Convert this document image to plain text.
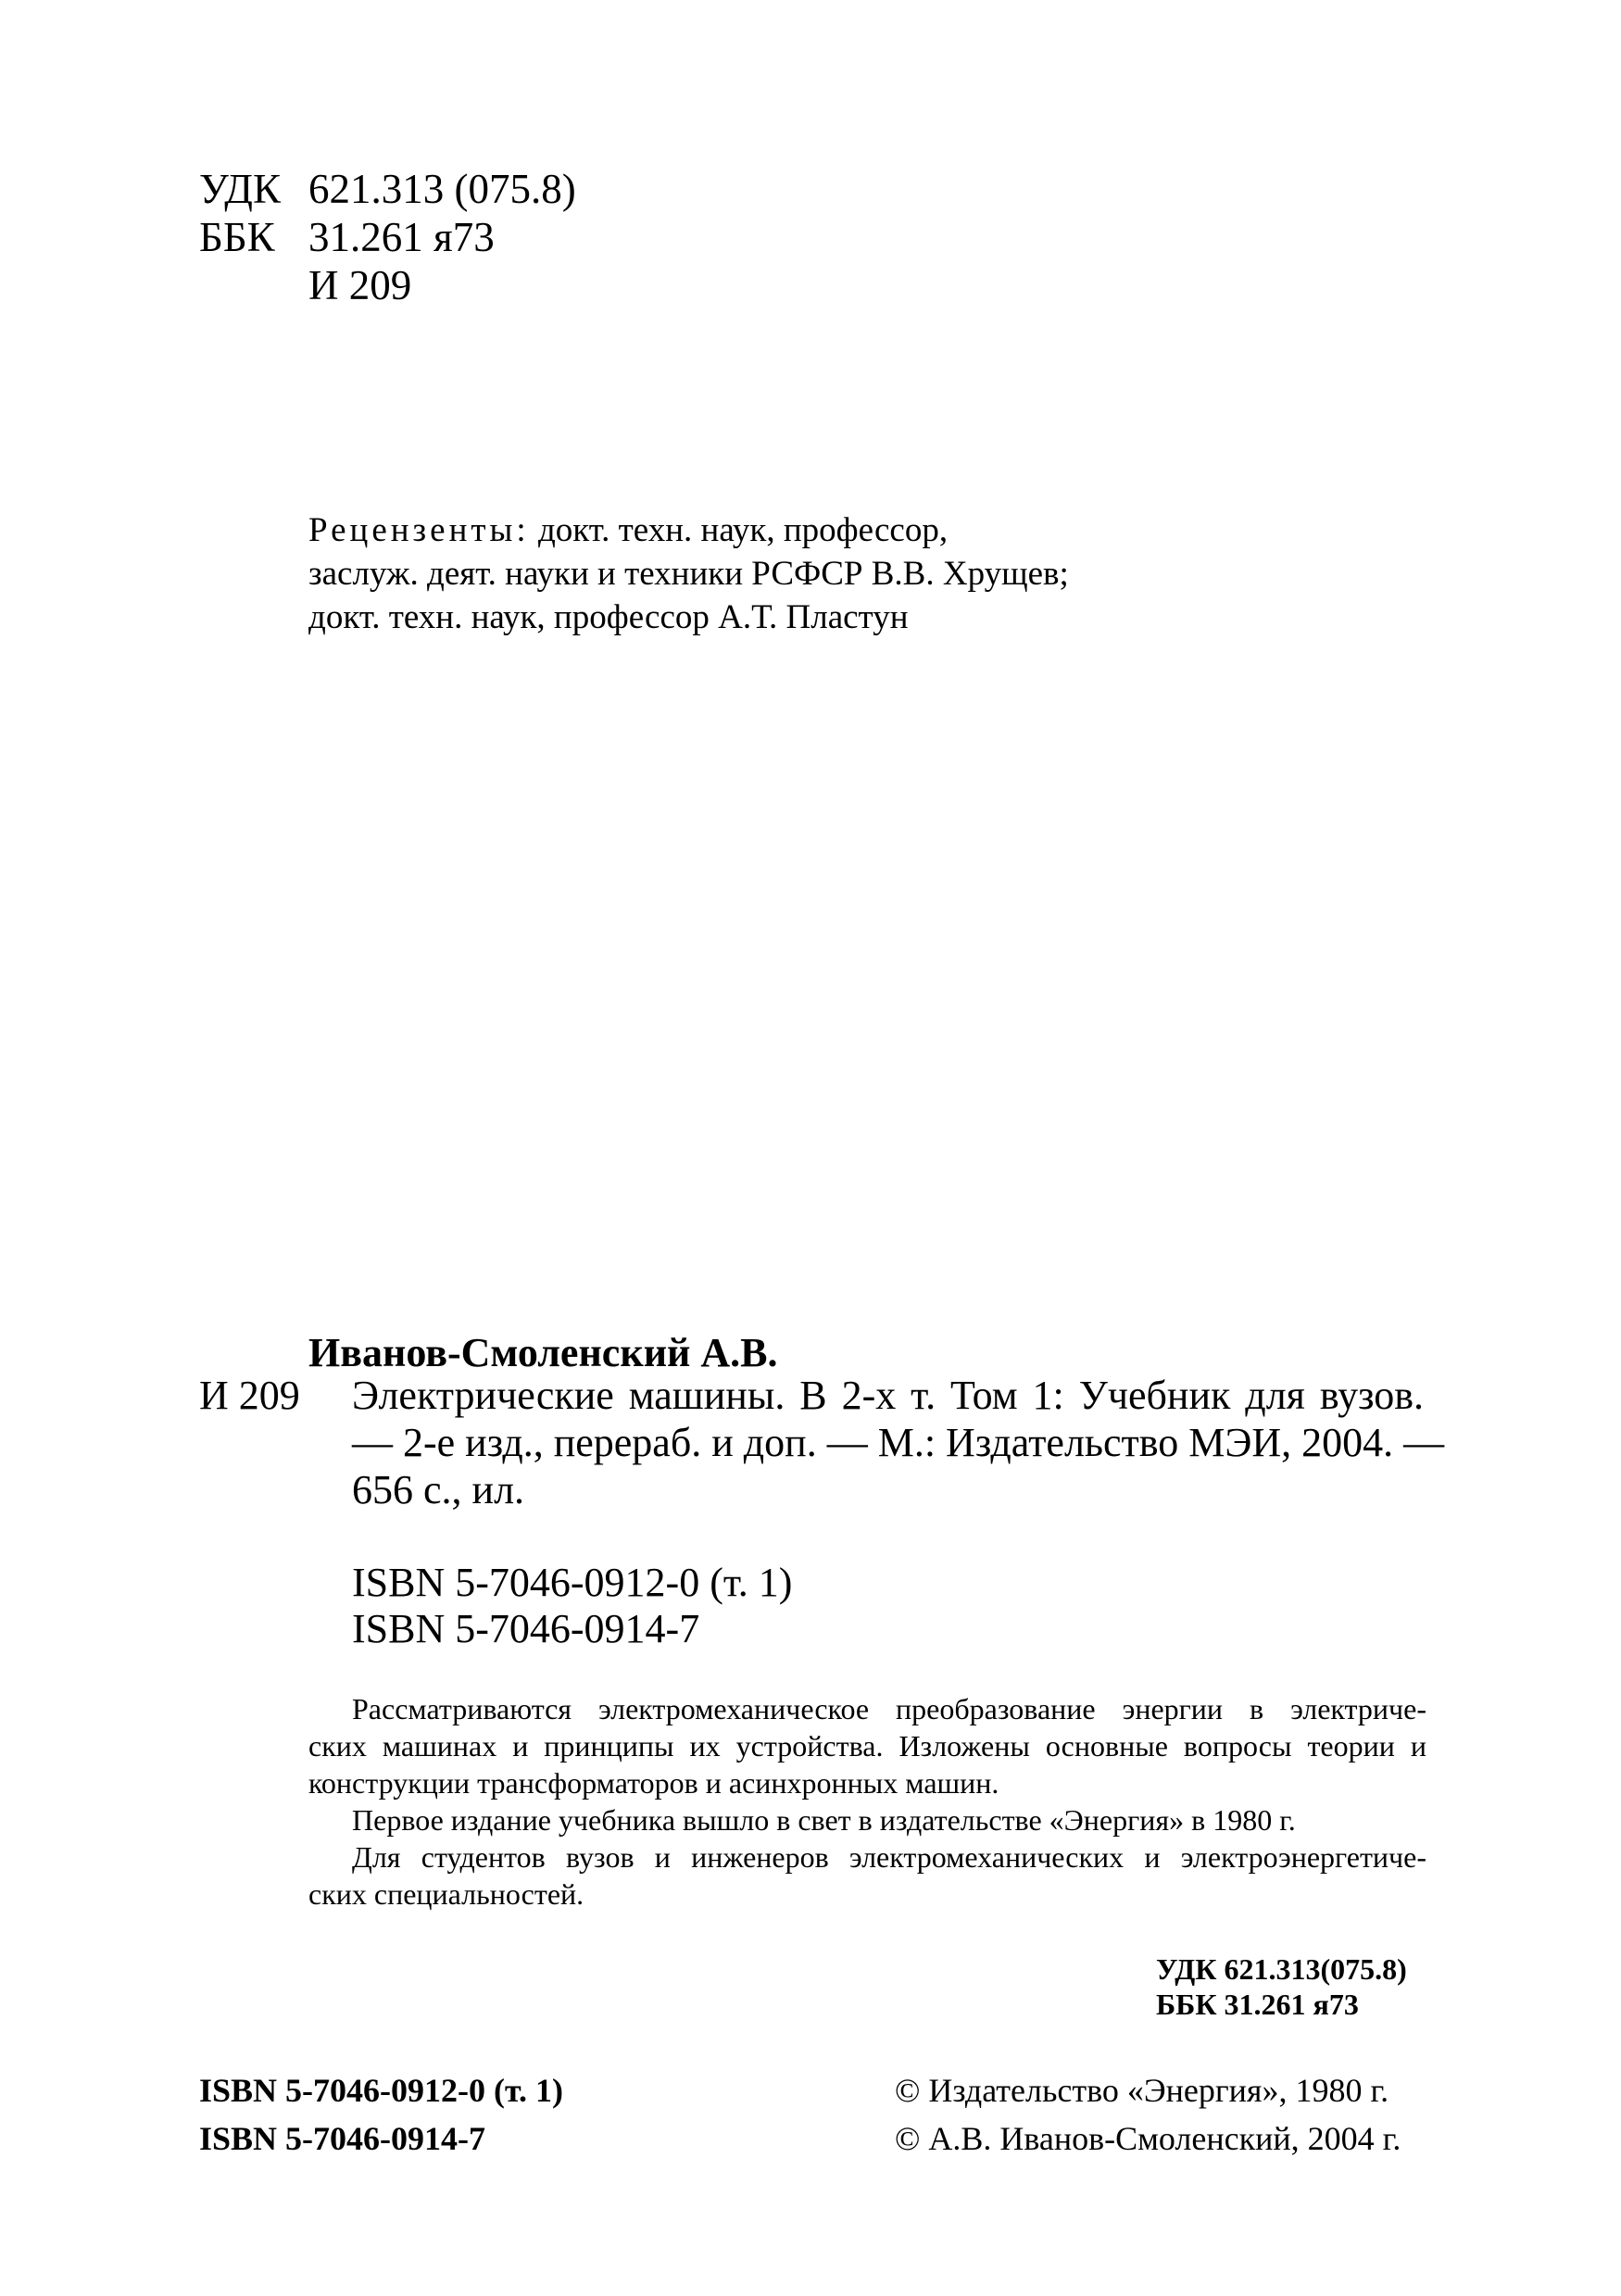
УДК 621.313 (075.8)
ББК 31.261 я73
И 209
Рецензенты: докт. техн. наук, профессор,
заслуж. деят. науки и техники РСФСР В.В. Хрущев;
докт. техн. наук, профессор А.Т. Пластун
Иванов-Смоленский А.В.
И 209 Электрические машины. В 2-х т. Том 1: Учебник для вузов.
— 2-е изд., перераб. и доп. — М.: Издательство МЭИ, 2004. —
656 с., ил.
ISBN 5-7046-0912-0 (т. 1)
ISBN 5-7046-0914-7
Рассматриваются электромеханическое преобразование энергии в электриче-
ских машинах и принципы их устройства. Изложены основные вопросы теории и
конструкции трансформаторов и асинхронных машин.
Первое издание учебника вышло в свет в издательстве «Энергия» в 1980 г.
Для студентов вузов и инженеров электромеханических и электроэнергетиче-
ских специальностей.
УДК 621.313(075.8)
ББК 31.261 я73
ISBN 5-7046-0912-0 (т. 1)
ISBN 5-7046-0914-7
© Издательство «Энергия», 1980 г.
© А.В. Иванов-Смоленский, 2004 г.
